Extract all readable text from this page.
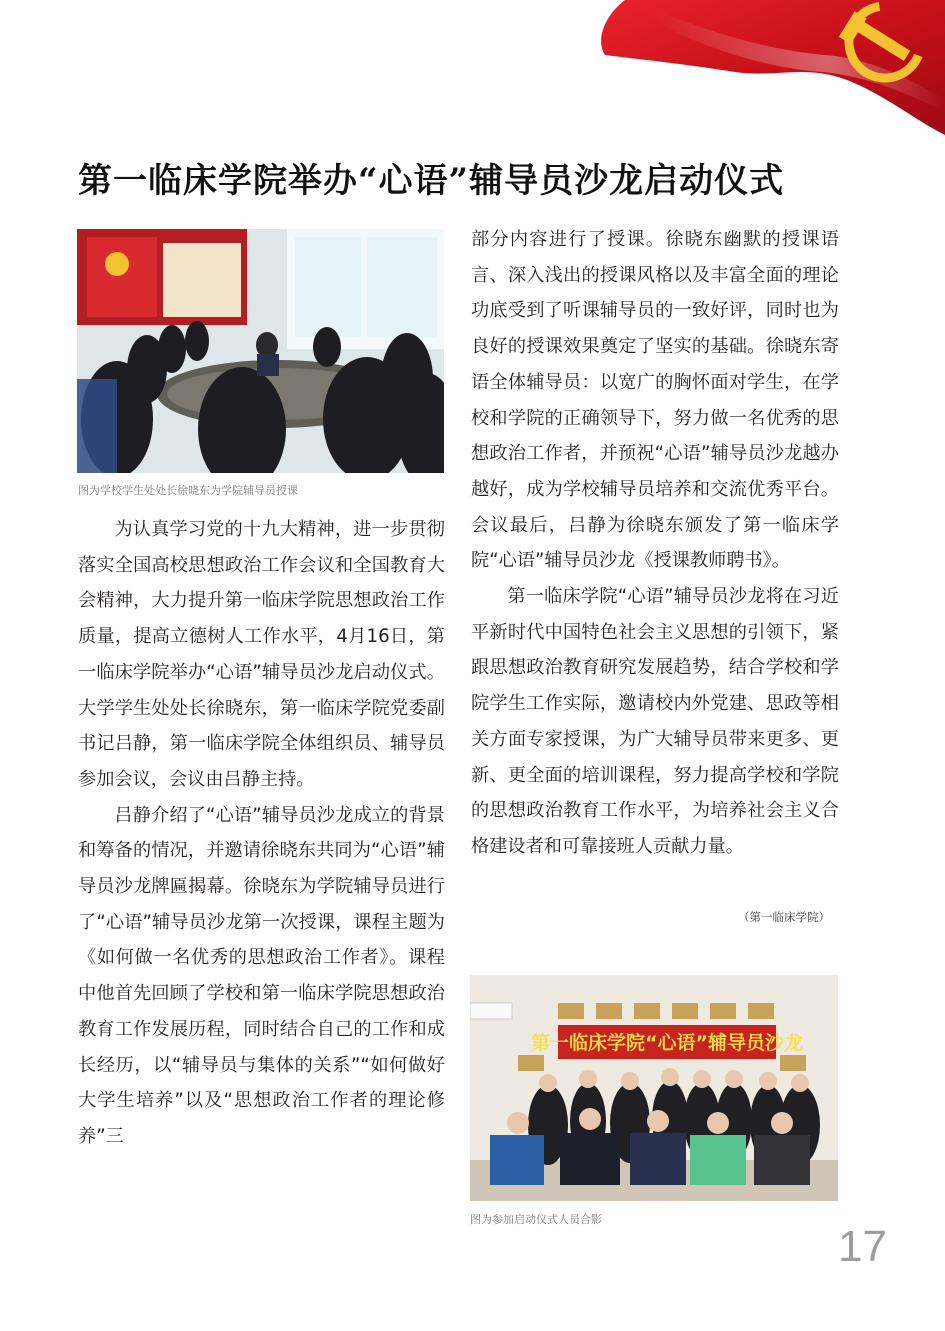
第一临床学院举办“心语”辅导员沙龙启动仪式
图为学校学生处处长徐晓东为学院辅导员授课

为认真学习党的十九大精神，进一步贯彻落实全国高校思想政治工作会议和全国教育大会精神，大力提升第一临床学院思想政治工作质量，提高立德树人工作水平，4月16日，第一临床学院举办“心语”辅导员沙龙启动仪式。大学学生处处长徐晓东，第一临床学院党委副书记吕静，第一临床学院全体组织员、辅导员参加会议，会议由吕静主持。

吕静介绍了“心语”辅导员沙龙成立的背景和筹备的情况，并邀请徐晓东共同为“心语”辅导员沙龙牌匾揭幕。徐晓东为学院辅导员进行了“心语”辅导员沙龙第一次授课，课程主题为《如何做一名优秀的思想政治工作者》。课程中他首先回顾了学校和第一临床学院思想政治教育工作发展历程，同时结合自己的工作和成长经历，以“辅导员与集体的关系”“如何做好大学生培养”以及“思想政治工作者的理论修养”三

部分内容进行了授课。徐晓东幽默的授课语言、深入浅出的授课风格以及丰富全面的理论功底受到了听课辅导员的一致好评，同时也为良好的授课效果奠定了坚实的基础。徐晓东寄语全体辅导员：以宽广的胸怀面对学生，在学校和学院的正确领导下，努力做一名优秀的思想政治工作者，并预祝“心语”辅导员沙龙越办越好，成为学校辅导员培养和交流优秀平台。会议最后，吕静为徐晓东颁发了第一临床学院“心语”辅导员沙龙《授课教师聘书》。

第一临床学院“心语”辅导员沙龙将在习近平新时代中国特色社会主义思想的引领下，紧跟思想政治教育研究发展趋势，结合学校和学院学生工作实际，邀请校内外党建、思政等相关方面专家授课，为广大辅导员带来更多、更新、更全面的培训课程，努力提高学校和学院的思想政治教育工作水平，为培养社会主义合格建设者和可靠接班人贡献力量。

（第一临床学院）
第一临床学院“心语”辅导员沙龙
图为参加启动仪式人员合影
17
